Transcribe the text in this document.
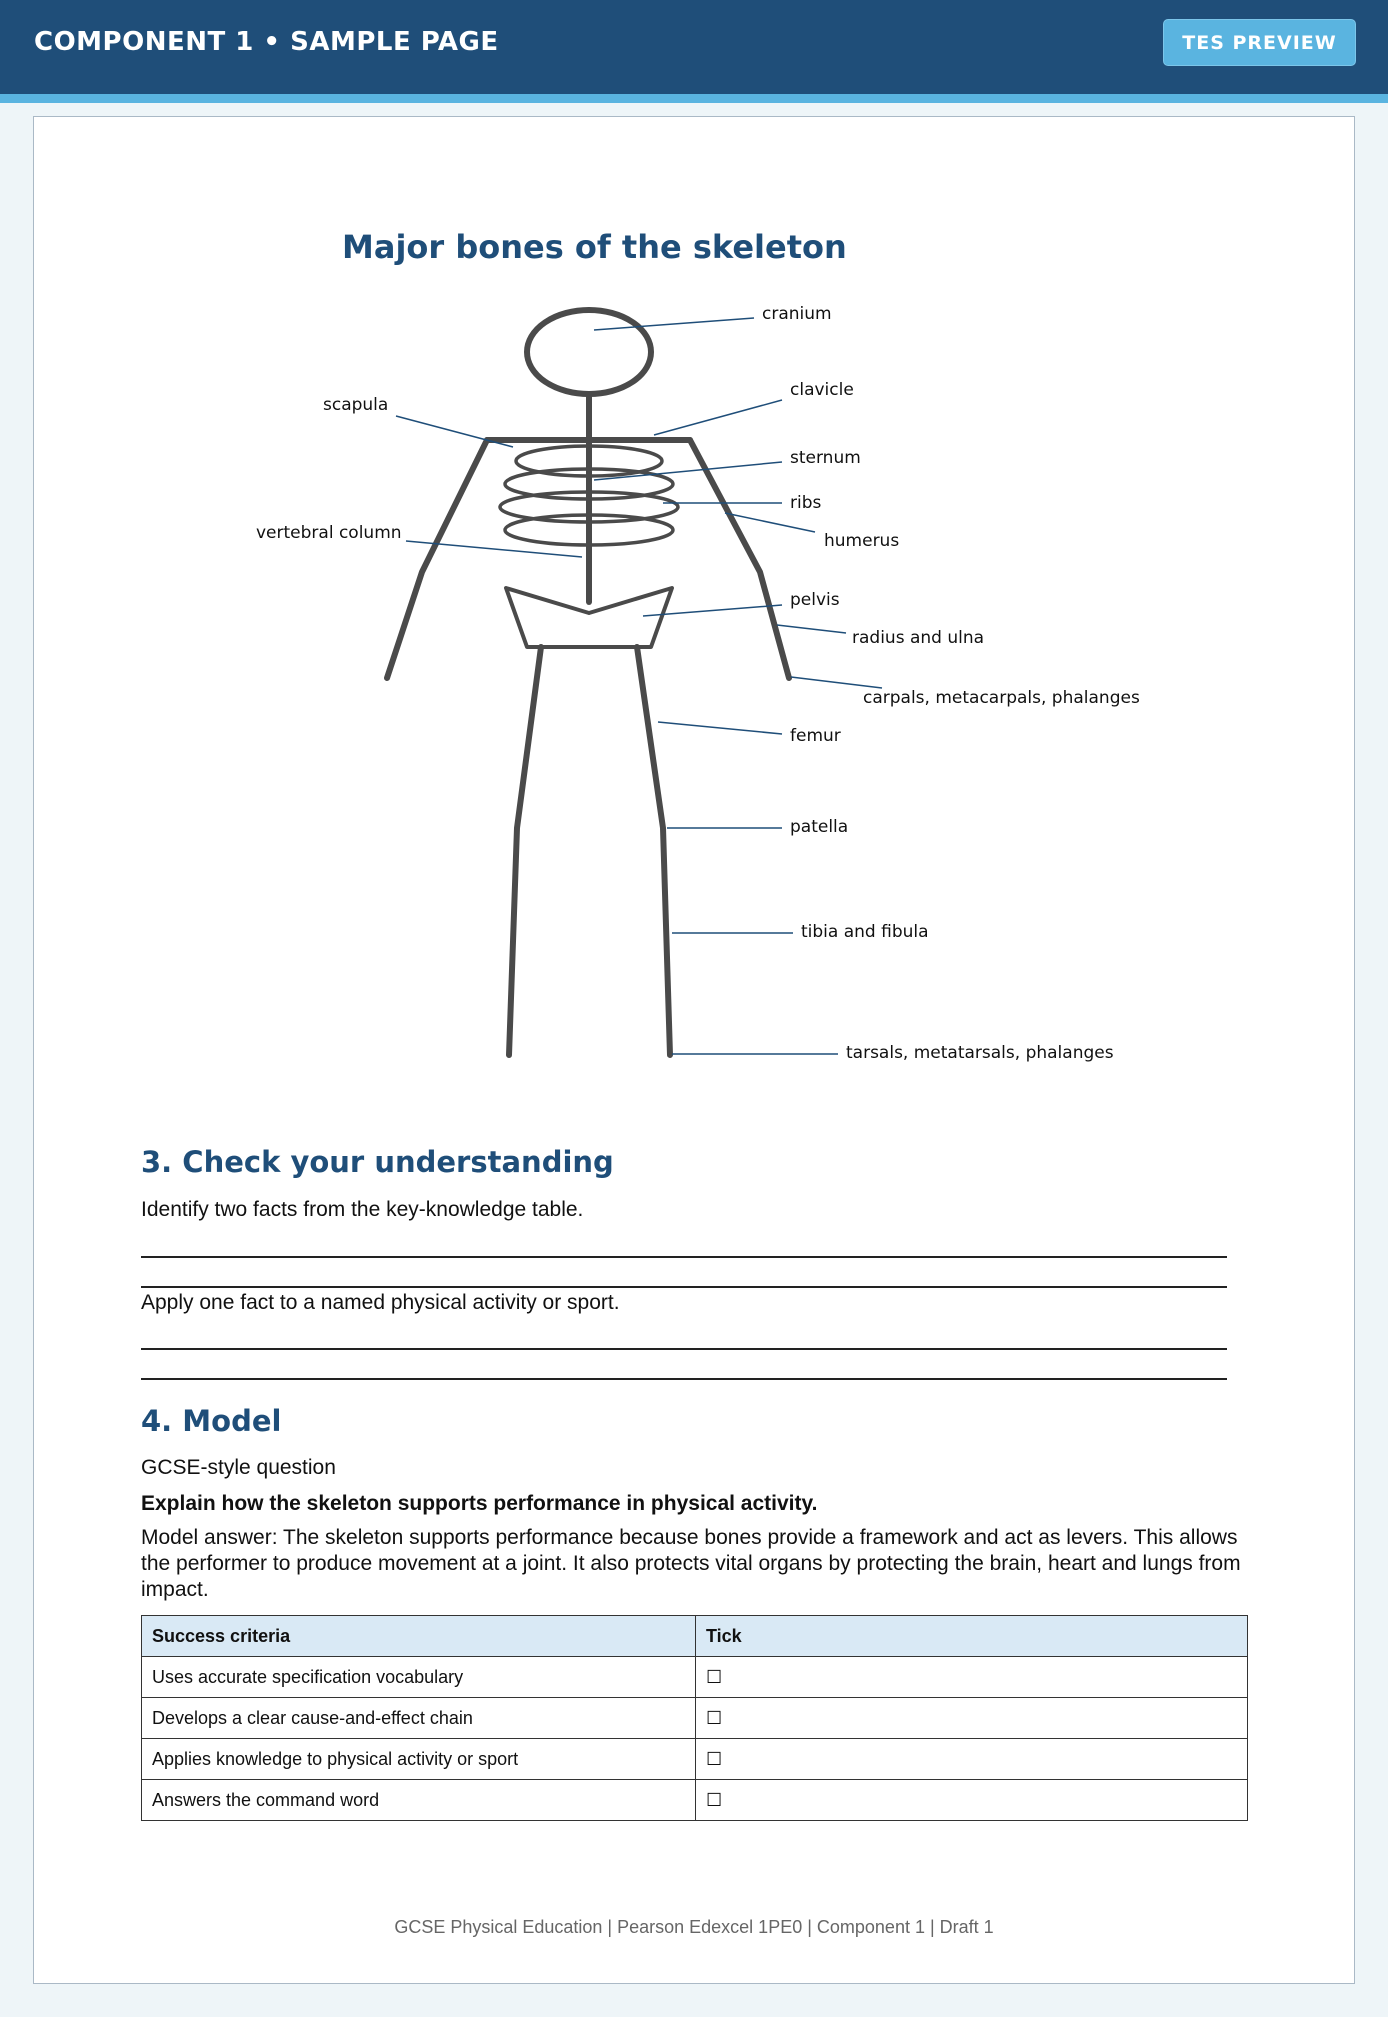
COMPONENT 1 • SAMPLE PAGE	TES PREVIEW
Major bones of the skeleton
cranium
clavicle
scapula
sternum
ribs
humerus
vertebral column
pelvis
radius and ulna
carpals, metacarpals, phalanges
femur
patella
tibia and fibula
tarsals, metatarsals, phalanges
3. Check your understanding
Identify two facts from the key-knowledge table.
Apply one fact to a named physical activity or sport.
4. Model
GCSE-style question
Explain how the skeleton supports performance in physical activity.
Model answer: The skeleton supports performance because bones provide a framework and act as levers. This allows the performer to produce movement at a joint. It also protects vital organs by protecting the brain, heart and lungs from impact.
Success criteria	Tick
Uses accurate specification vocabulary	☐
Develops a clear cause-and-effect chain	☐
Applies knowledge to physical activity or sport	☐
Answers the command word	☐
GCSE Physical Education | Pearson Edexcel 1PE0 | Component 1 | Draft 1
